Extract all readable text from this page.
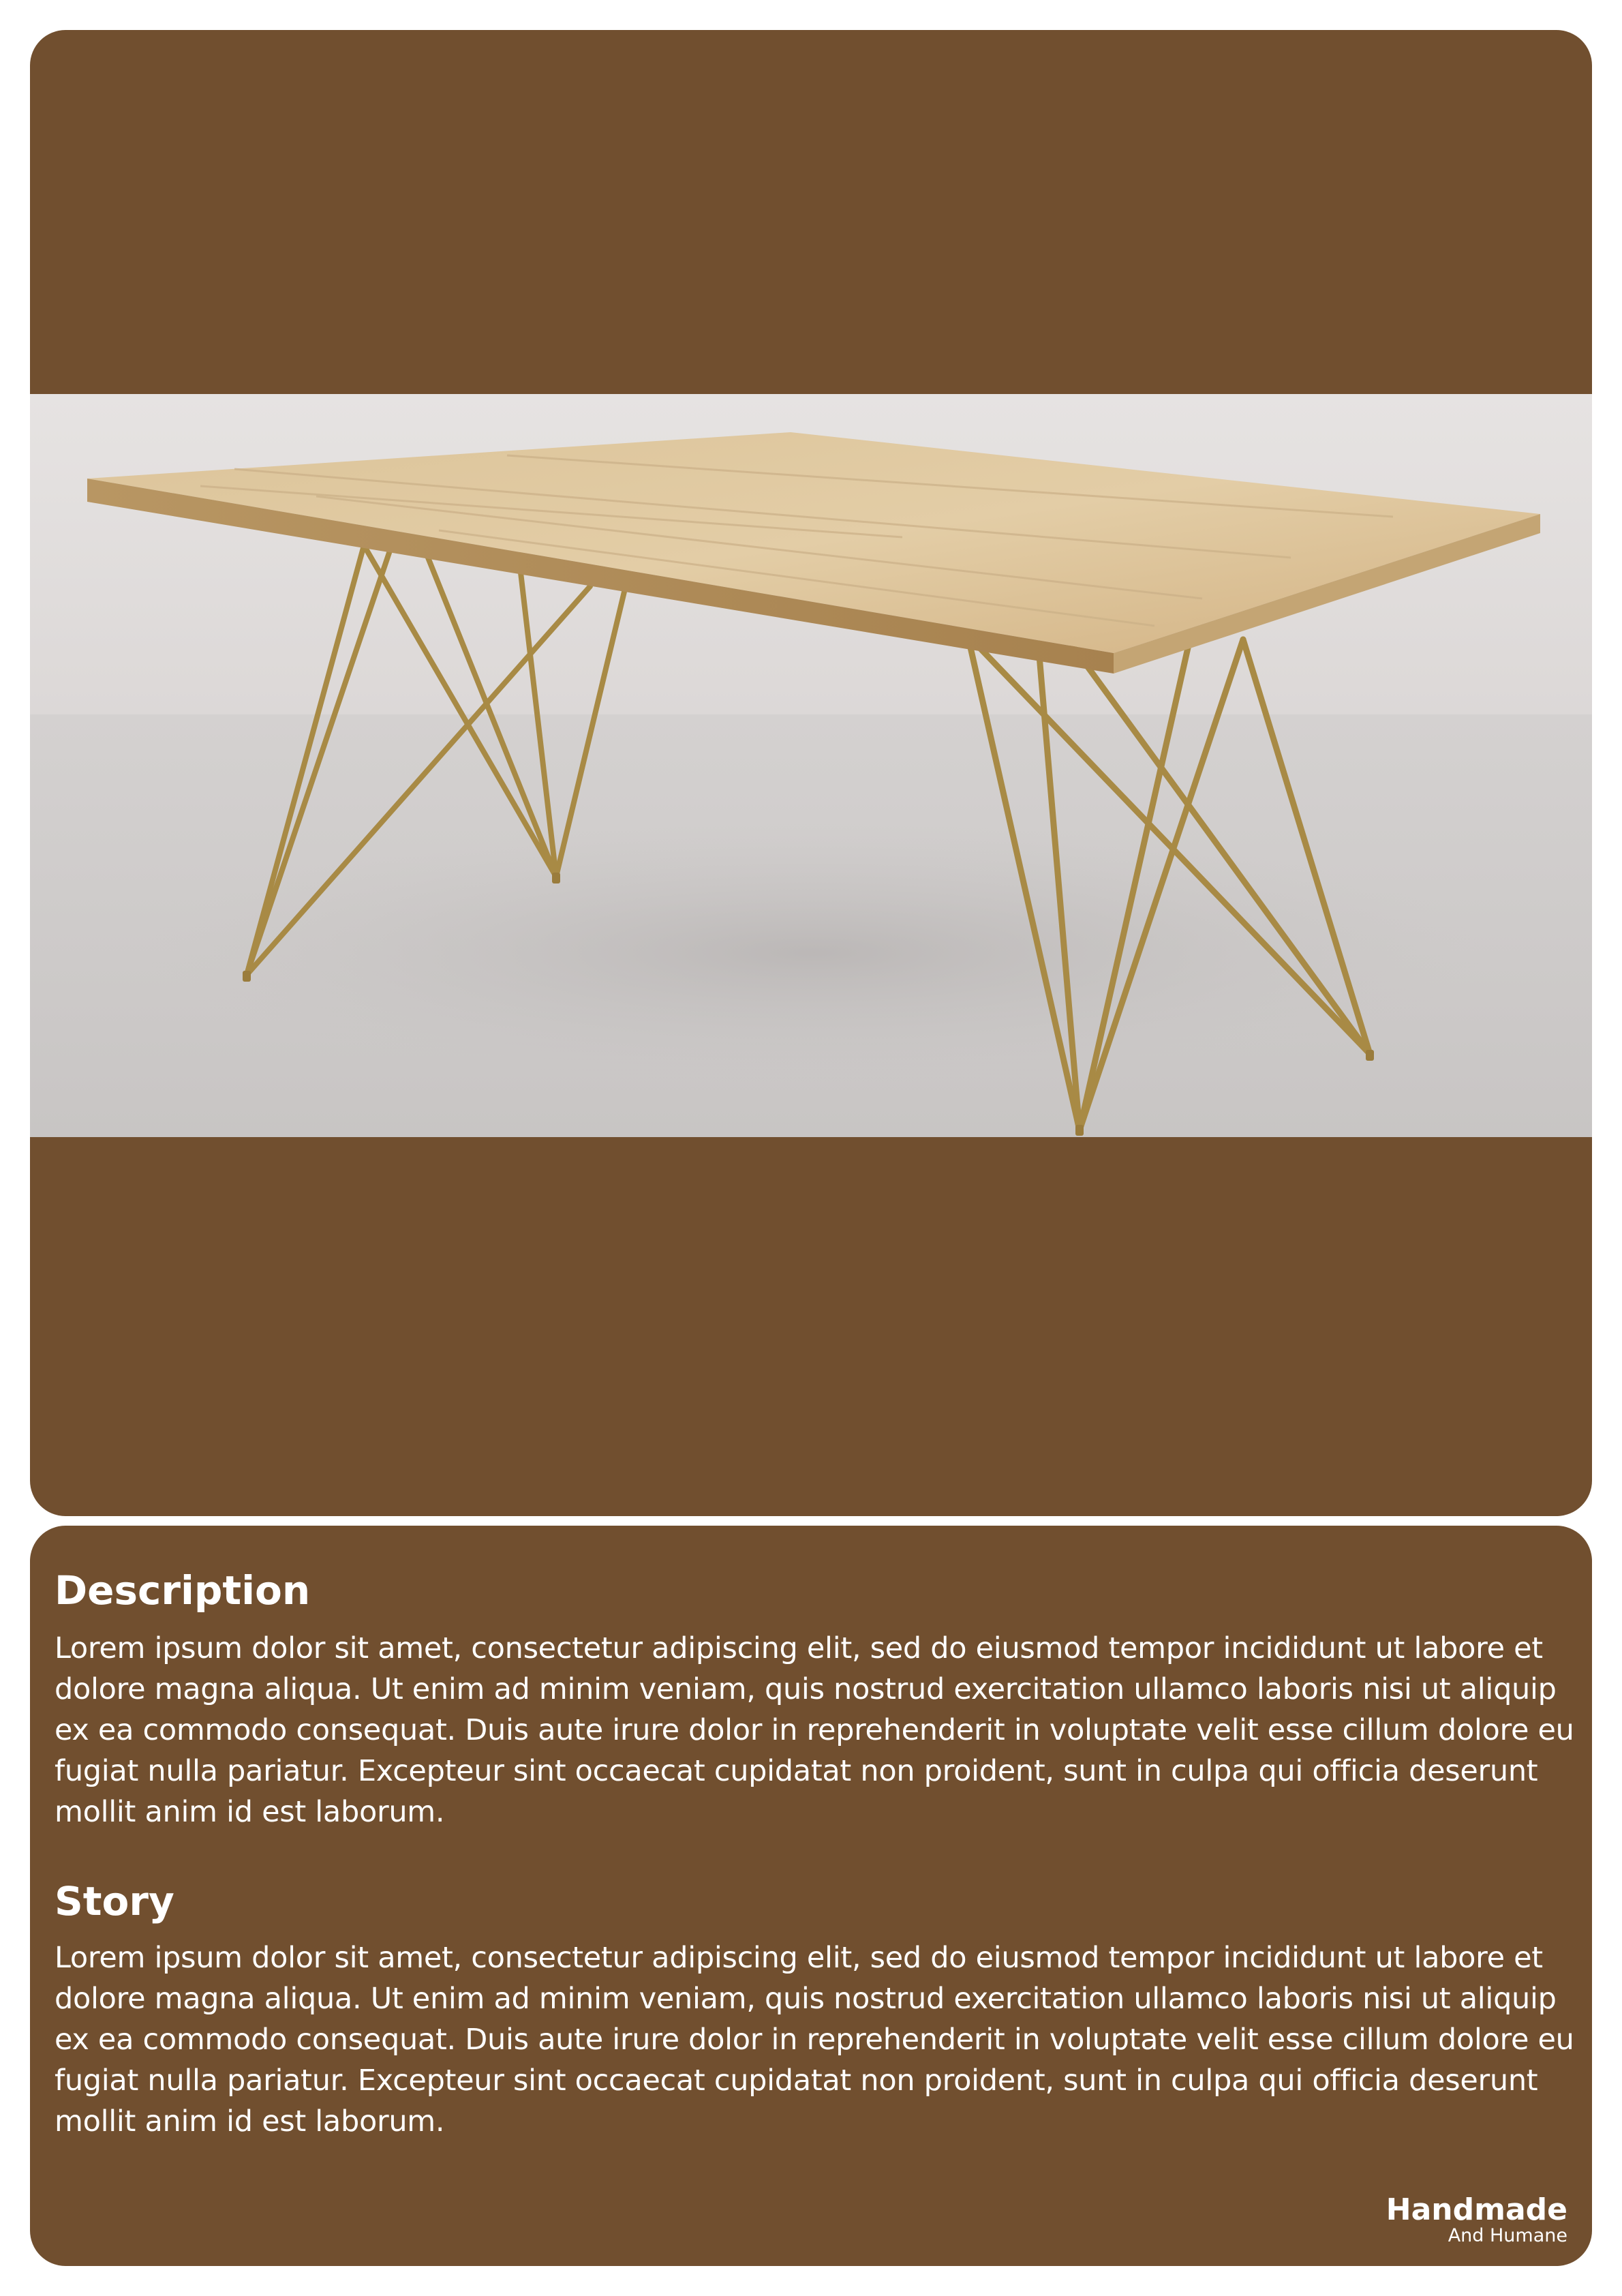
Description

Lorem ipsum dolor sit amet, consectetur adipiscing elit, sed do eiusmod tempor incididunt ut labore et dolore magna aliqua. Ut enim ad minim veniam, quis nostrud exercitation ullamco laboris nisi ut aliquip ex ea commodo consequat. Duis aute irure dolor in reprehenderit in voluptate velit esse cillum dolore eu fugiat nulla pariatur. Excepteur sint occaecat cupidatat non proident, sunt in culpa qui officia deserunt mollit anim id est laborum.

Story

Lorem ipsum dolor sit amet, consectetur adipiscing elit, sed do eiusmod tempor incididunt ut labore et dolore magna aliqua. Ut enim ad minim veniam, quis nostrud exercitation ullamco laboris nisi ut aliquip ex ea commodo consequat. Duis aute irure dolor in reprehenderit in voluptate velit esse cillum dolore eu fugiat nulla pariatur. Excepteur sint occaecat cupidatat non proident, sunt in culpa qui officia deserunt mollit anim id est laborum.

Handmade
And Humane
